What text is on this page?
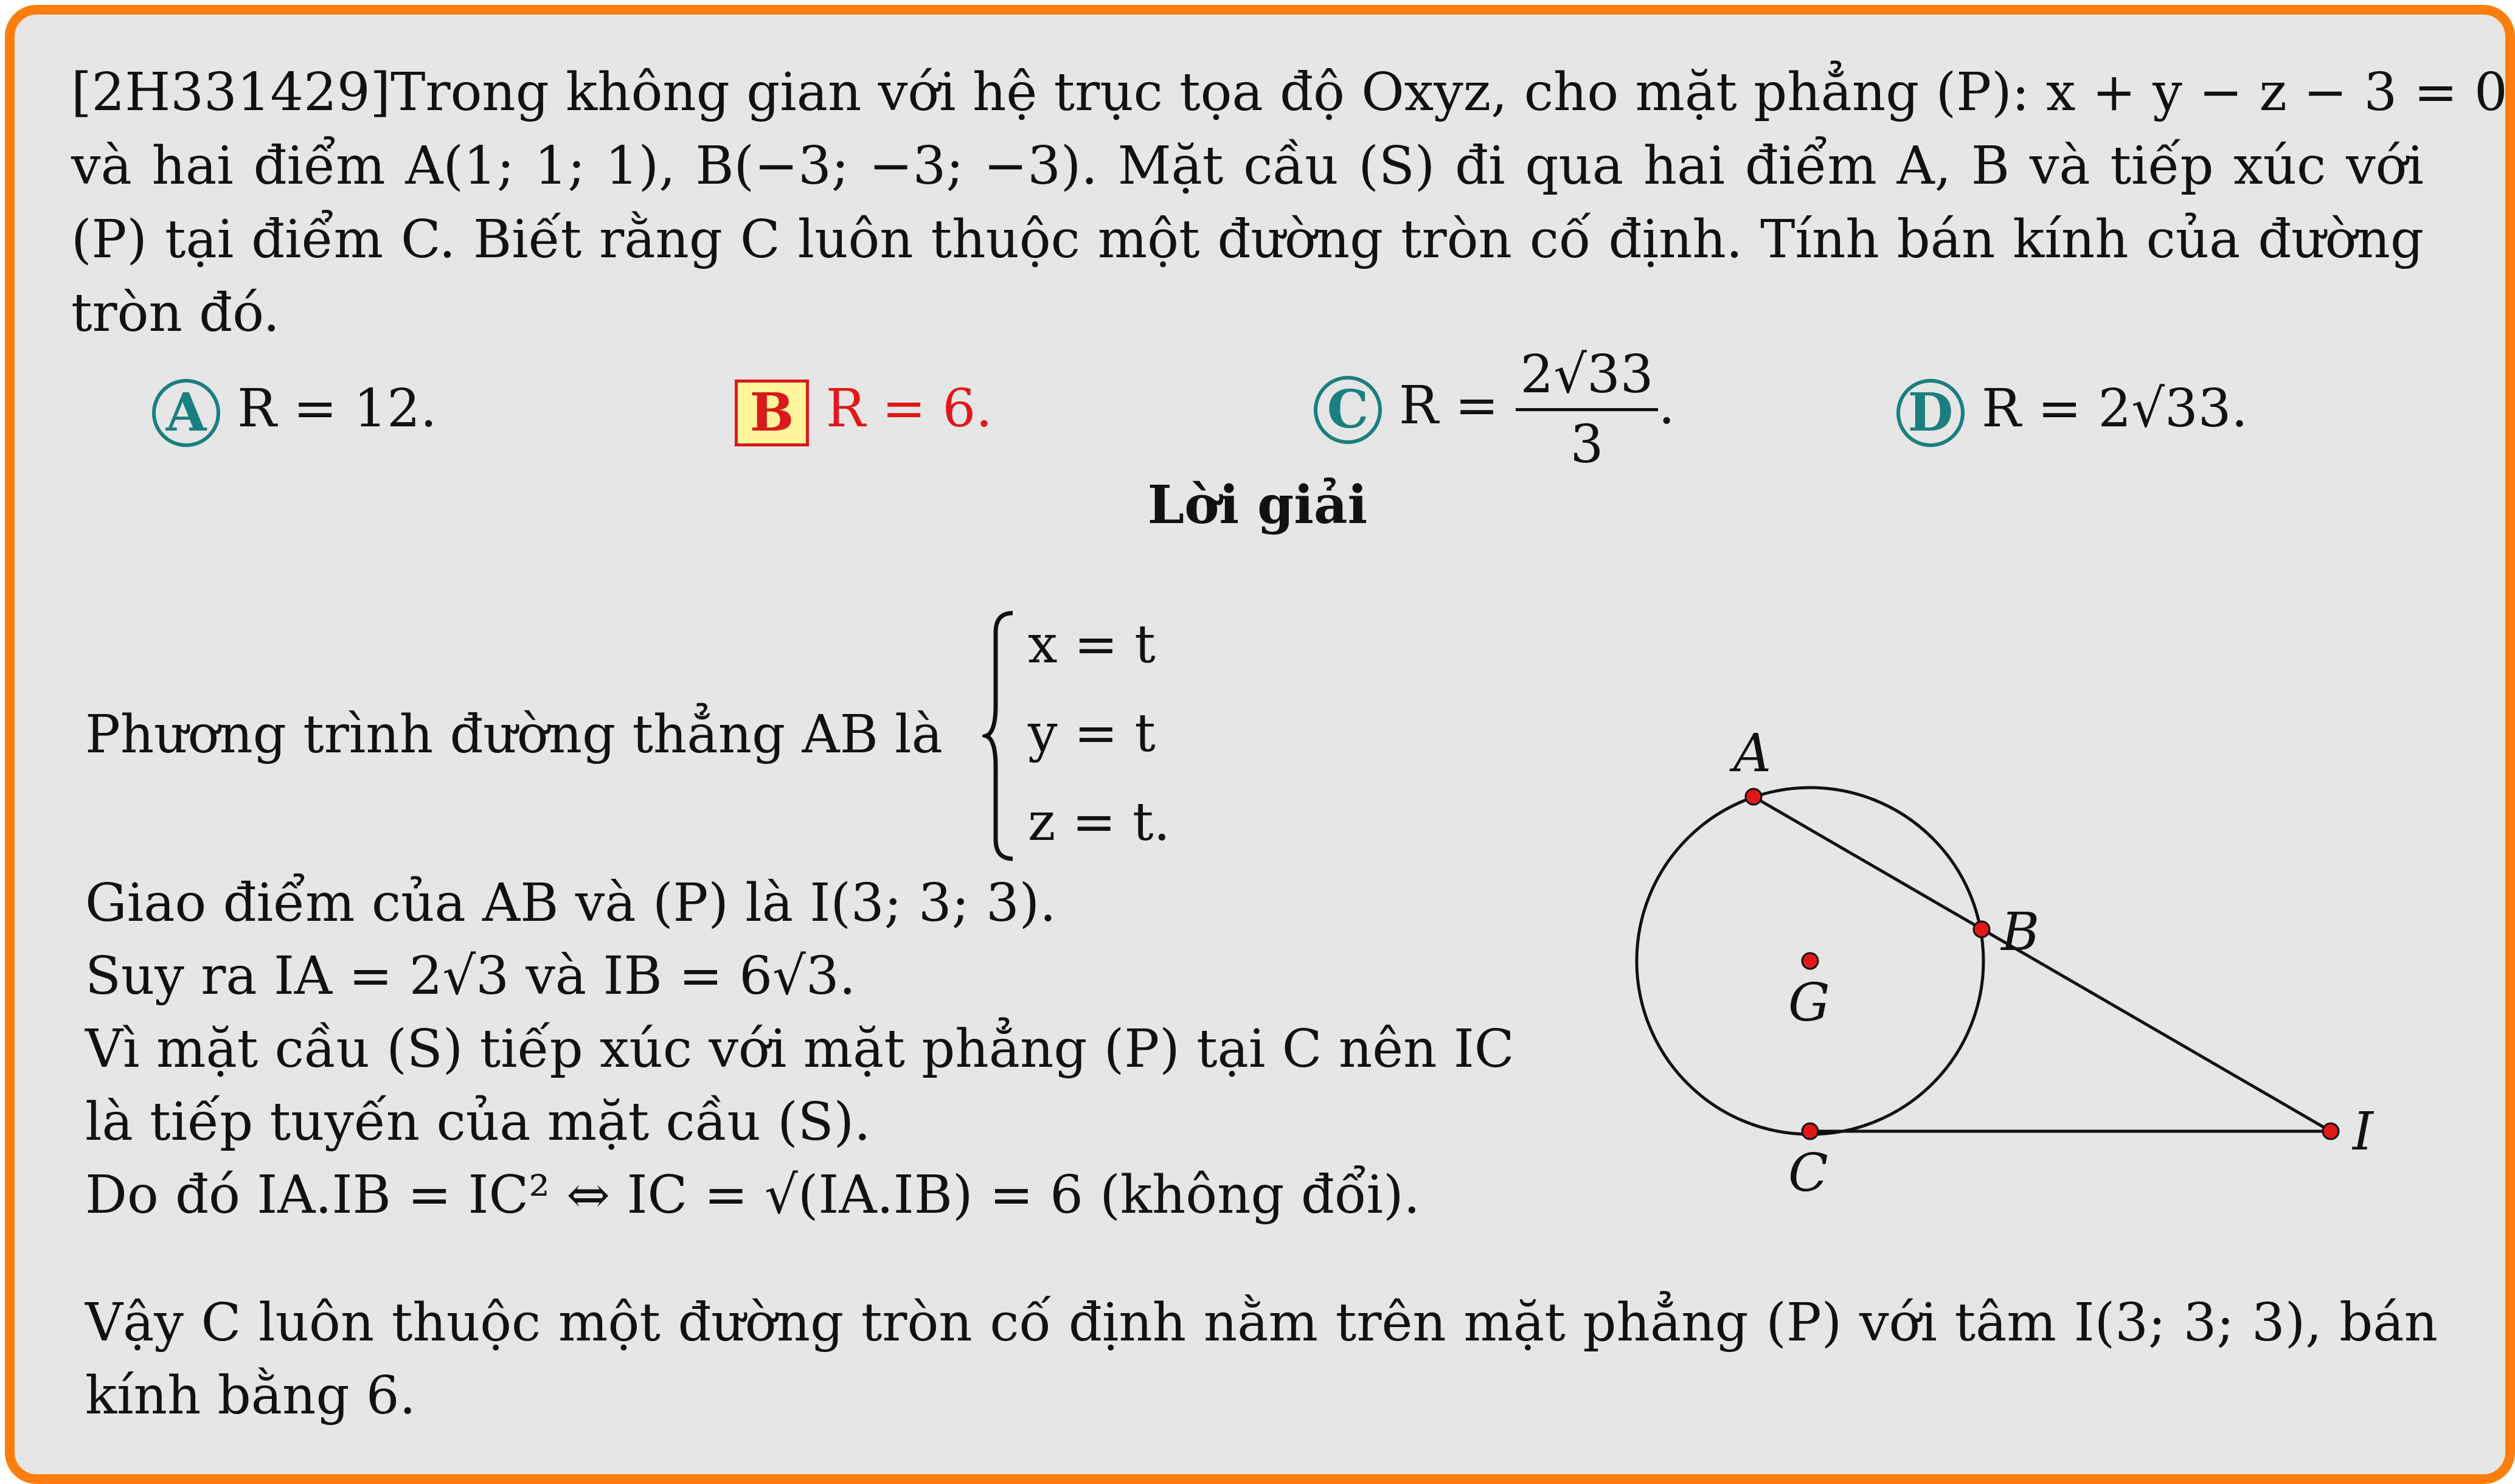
[2H331429]Trong không gian với hệ trục tọa độ Oxyz, cho mặt phẳng (P): x + y − z − 3 = 0
và hai điểm A(1; 1; 1), B(−3; −3; −3). Mặt cầu (S) đi qua hai điểm A, B và tiếp xúc với
(P) tại điểm C. Biết rằng C luôn thuộc một đường tròn cố định. Tính bán kính của đường
tròn đó.
A R = 12.	B R = 6.	C $R = \frac{2√33}{3}$ .	D R = 2√33.
Lời giải
Phương trình đường thẳng AB là
x = t
y = t
z = t.
Giao điểm của AB và (P) là I(3; 3; 3).
Suy ra IA = 2√3 và IB = 6√3.
Vì mặt cầu (S) tiếp xúc với mặt phẳng (P) tại C nên IC
là tiếp tuyến của mặt cầu (S).
Do đó IA.IB = IC² ⇔ IC = √(IA.IB) = 6 (không đổi).
Vậy C luôn thuộc một đường tròn cố định nằm trên mặt phẳng (P) với tâm I(3; 3; 3), bán
kính bằng 6.
A
B
G
C
I
